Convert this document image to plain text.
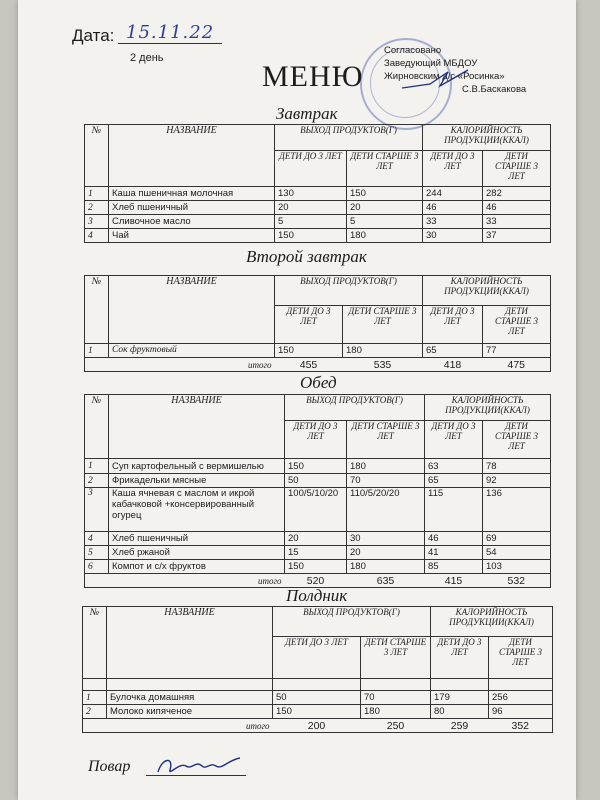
Дата: 15.11.22
2 день
Согласовано
Заведующий МБДОУ
Жирновским д/с «Росинка»
С.В.Баскакова
МЕНЮ
Завтрак
№	НАЗВАНИЕ	ВЫХОД ПРОДУКТОВ(Г)		КАЛОРИЙНОСТЬ ПРОДУКЦИИ(ККАЛ)	
		ДЕТИ ДО 3 ЛЕТ	ДЕТИ СТАРШЕ 3 ЛЕТ	ДЕТИ ДО 3 ЛЕТ	ДЕТИ СТАРШЕ 3 ЛЕТ
1	Каша пшеничная молочная	130	150	244	282
2	Хлеб пшеничный	20	20	46	46
3	Сливочное масло	5	5	33	33
4	Чай	150	180	30	37
Второй завтрак
№	НАЗВАНИЕ	ВЫХОД ПРОДУКТОВ(Г)		КАЛОРИЙНОСТЬ ПРОДУКЦИИ(ККАЛ)	
		ДЕТИ ДО 3 ЛЕТ	ДЕТИ СТАРШЕ 3 ЛЕТ	ДЕТИ ДО 3 ЛЕТ	ДЕТИ СТАРШЕ 3 ЛЕТ
1	Сок фруктовый	150	180	65	77
	итого	455	535	418	475
Обед
№	НАЗВАНИЕ	ВЫХОД ПРОДУКТОВ(Г)		КАЛОРИЙНОСТЬ ПРОДУКЦИИ(ККАЛ)	
		ДЕТИ ДО 3 ЛЕТ	ДЕТИ СТАРШЕ 3 ЛЕТ	ДЕТИ ДО 3 ЛЕТ	ДЕТИ СТАРШЕ 3 ЛЕТ
1	Суп картофельный с вермишелью	150	180	63	78
2	Фрикадельки мясные	50	70	65	92
3	Каша ячневая с маслом и икрой кабачковой +консервированный огурец	100/5/10/20	110/5/20/20	115	136
4	Хлеб пшеничный	20	30	46	69
5	Хлеб ржаной	15	20	41	54
6	Компот и с/х фруктов	150	180	85	103
	итого	520	635	415	532
Полдник
№	НАЗВАНИЕ	ВЫХОД ПРОДУКТОВ(Г)		КАЛОРИЙНОСТЬ ПРОДУКЦИИ(ККАЛ)	
		ДЕТИ ДО 3 ЛЕТ	ДЕТИ СТАРШЕ 3 ЛЕТ	ДЕТИ ДО 3 ЛЕТ	ДЕТИ СТАРШЕ 3 ЛЕТ

1	Булочка домашняя	50	70	179	256
2	Молоко кипяченое	150	180	80	96
	итого	200	250	259	352
Повар
